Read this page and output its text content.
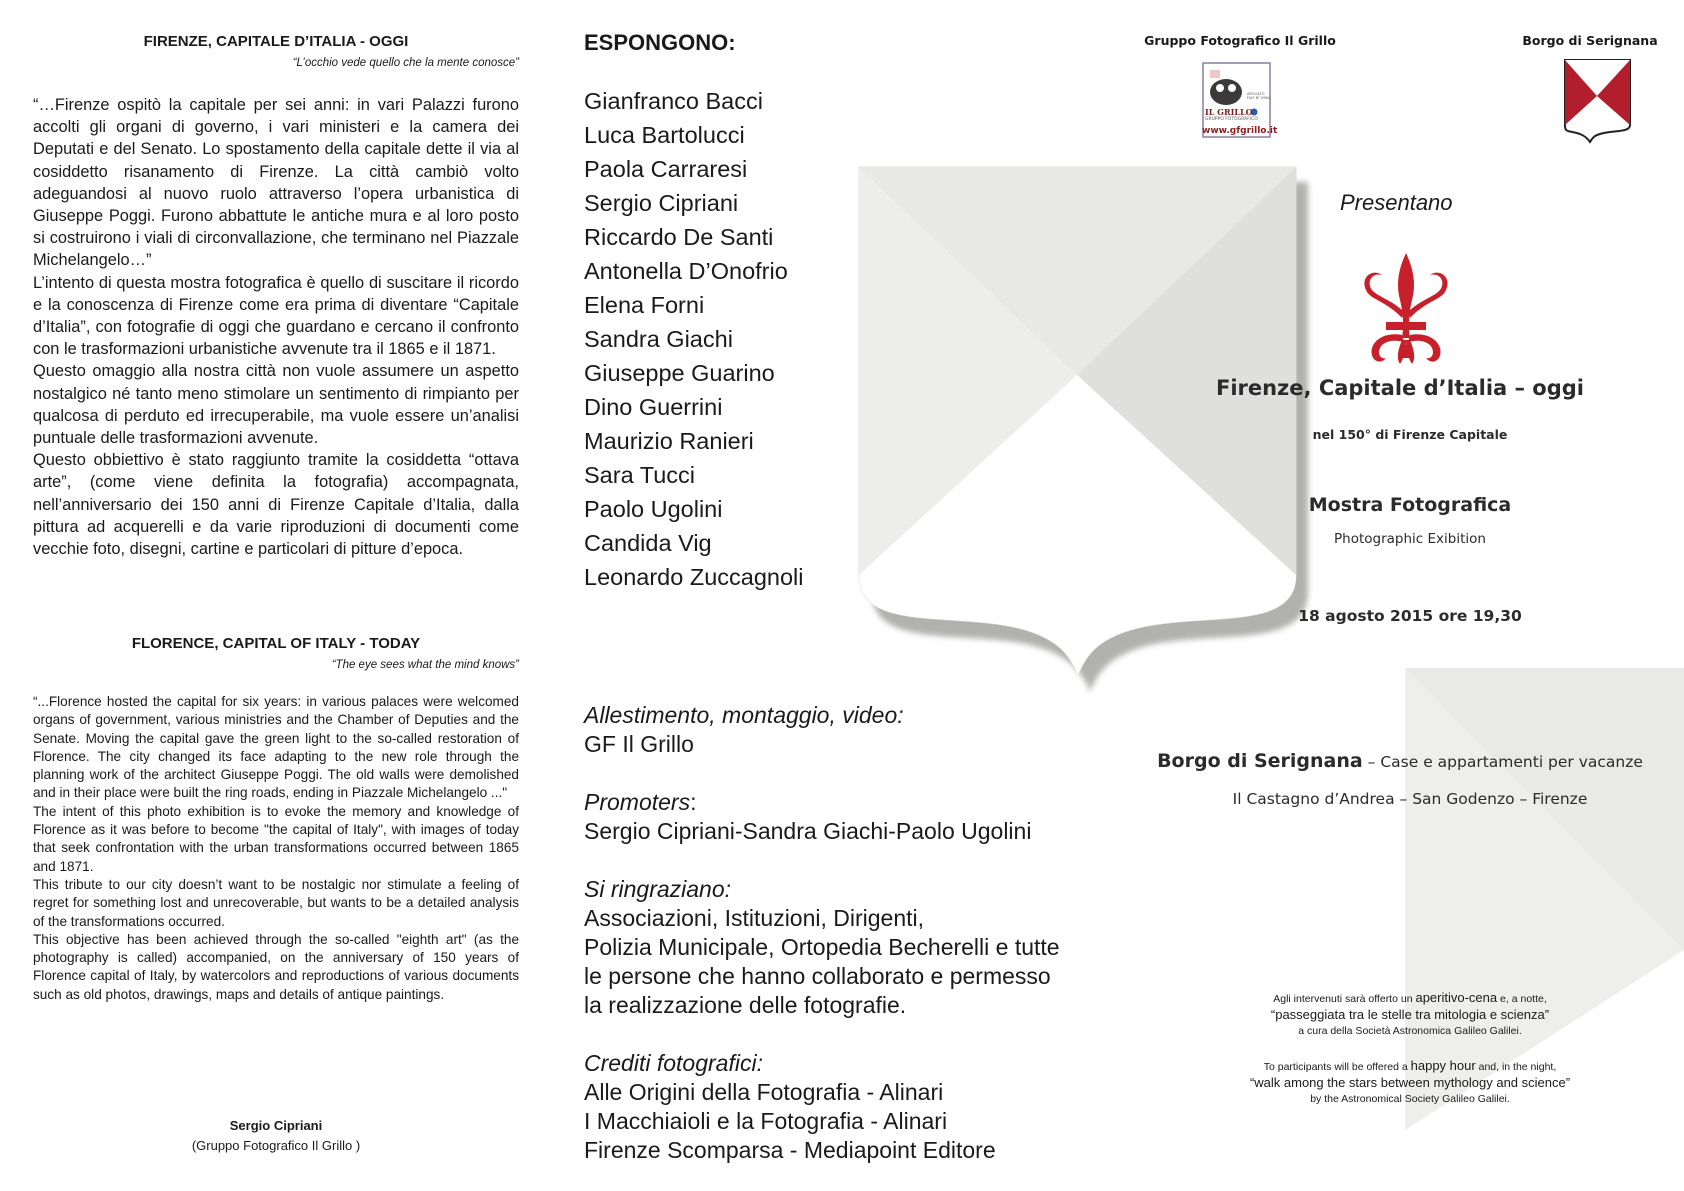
FIRENZE, CAPITALE D’ITALIA - OGGI
“L’occhio vede quello che la mente conosce”

“…Firenze ospitò la capitale per sei anni: in vari Palazzi furono accolti gli organi di governo, i vari ministeri e la camera dei Deputati e del Senato. Lo spostamento della capitale dette il via al cosiddetto risanamento di Firenze. La città cambiò volto adeguandosi al nuovo ruolo attraverso l’opera urbanistica di Giuseppe Poggi. Furono abbattute le antiche mura e al loro posto si costruirono i viali di circonvallazione, che terminano nel Piazzale Michelangelo…”

L’intento di questa mostra fotografica è quello di suscitare il ricordo e la conoscenza di Firenze come era prima di diventare “Capitale d’Italia”, con fotografie di oggi che guardano e cercano il confronto con le trasformazioni urbanistiche avvenute tra il 1865 e il 1871.

Questo omaggio alla nostra città non vuole assumere un aspetto nostalgico né tanto meno stimolare un sentimento di rimpianto per qualcosa di perduto ed irrecuperabile, ma vuole essere un’analisi puntuale delle trasformazioni avvenute.

Questo obbiettivo è stato raggiunto tramite la cosiddetta “ottava arte”, (come viene definita la fotografia) accompagnata, nell’anniversario dei 150 anni di Firenze Capitale d’Italia, dalla pittura ad acquerelli e da varie riproduzioni di documenti come vecchie foto, disegni, cartine e particolari di pitture d’epoca.

FLORENCE, CAPITAL OF ITALY - TODAY
“The eye sees what the mind knows”

“...Florence hosted the capital for six years: in various palaces were welcomed organs of government, various ministries and the Chamber of Deputies and the Senate. Moving the capital gave the green light to the so-called restoration of Florence. The city changed its face adapting to the new role through the planning work of the architect Giuseppe Poggi. The old walls were demolished and in their place were built the ring roads, ending in Piazzale Michelangelo ..."

The intent of this photo exhibition is to evoke the memory and knowledge of Florence as it was before to become "the capital of Italy", with images of today that seek confrontation with the urban transformations occurred between 1865 and 1871.

This tribute to our city doesn’t want to be nostalgic nor stimulate a feeling of regret for something lost and unrecoverable, but wants to be a detailed analysis of the transformations occurred.

This objective has been achieved through the so-called "eighth art" (as the photography is called) accompanied, on the anniversary of 150 years of Florence capital of Italy, by watercolors and reproductions of various documents such as old photos, drawings, maps and details of antique paintings.

Sergio Cipriani
(Gruppo Fotografico Il Grillo )
ESPONGONO:
Gianfranco Bacci
Luca Bartolucci
Paola Carraresi
Sergio Cipriani
Riccardo De Santi
Antonella D’Onofrio
Elena Forni
Sandra Giachi
Giuseppe Guarino
Dino Guerrini
Maurizio Ranieri
Sara Tucci
Paolo Ugolini
Candida Vig
Leonardo Zuccagnoli
Allestimento, montaggio, video:
GF Il Grillo
Promoters:
Sergio Cipriani-Sandra Giachi-Paolo Ugolini
Si ringraziano:
Associazioni, Istituzioni, Dirigenti,
Polizia Municipale, Ortopedia Becherelli e tutte
le persone che hanno collaborato e permesso
la realizzazione delle fotografie.
Crediti fotografici:
Alle Origini della Fotografia - Alinari
I Macchiaioli e la Fotografia - Alinari
Firenze Scomparsa - Mediapoint Editore
Gruppo Fotografico Il Grillo	Borgo di Serignana
IL GRILLO
GRUPPO FOTOGRAFICO
AFFILIATO FIAF N° 0964
www.gfgrillo.it
Presentano
Firenze, Capitale d’Italia – oggi
nel 150° di Firenze Capitale
Mostra Fotografica
Photographic Exibition
18 agosto 2015 ore 19,30
Borgo di Serignana – Case e appartamenti per vacanze
Il Castagno d’Andrea – San Godenzo – Firenze
Agli intervenuti sarà offerto un aperitivo-cena e, a notte,
“passeggiata tra le stelle tra mitologia e scienza”
a cura della Società Astronomica Galileo Galilei.
To participants will be offered a happy hour and, in the night,
“walk among the stars between mythology and science”
by the Astronomical Society Galileo Galilei.
